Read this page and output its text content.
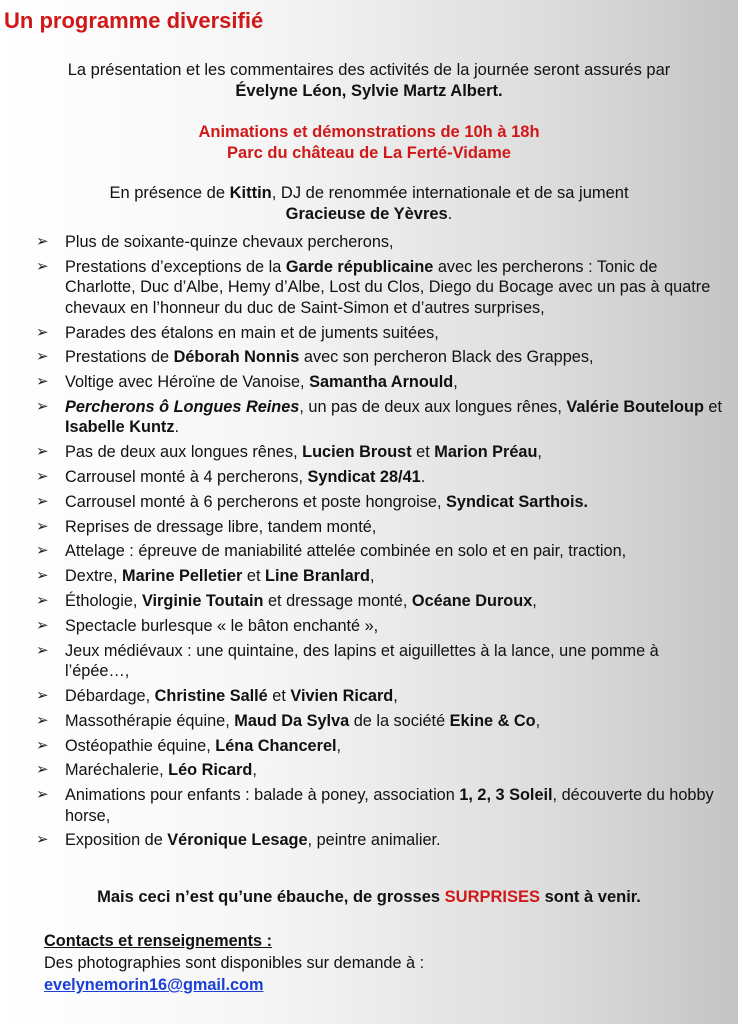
Un programme diversifié
La présentation et les commentaires des activités de la journée seront assurés par
Évelyne Léon, Sylvie Martz Albert.
Animations et démonstrations de 10h à 18h
Parc du château de La Ferté-Vidame
En présence de Kittin, DJ de renommée internationale et de sa jument
Gracieuse de Yèvres.
➢ Plus de soixante-quinze chevaux percherons,
➢ Prestations d’exceptions de la Garde républicaine avec les percherons : Tonic de Charlotte, Duc d’Albe, Hemy d’Albe, Lost du Clos, Diego du Bocage avec un pas à quatre chevaux en l’honneur du duc de Saint-Simon et d’autres surprises,
➢ Parades des étalons en main et de juments suitées,
➢ Prestations de Déborah Nonnis avec son percheron Black des Grappes,
➢ Voltige avec Héroïne de Vanoise, Samantha Arnould,
➢ Percherons ô Longues Reines, un pas de deux aux longues rênes, Valérie Bouteloup et Isabelle Kuntz.
➢ Pas de deux aux longues rênes, Lucien Broust et Marion Préau,
➢ Carrousel monté à 4 percherons, Syndicat 28/41.
➢ Carrousel monté à 6 percherons et poste hongroise, Syndicat Sarthois.
➢ Reprises de dressage libre, tandem monté,
➢ Attelage : épreuve de maniabilité attelée combinée en solo et en pair, traction,
➢ Dextre, Marine Pelletier et Line Branlard,
➢ Éthologie, Virginie Toutain et dressage monté, Océane Duroux,
➢ Spectacle burlesque « le bâton enchanté »,
➢ Jeux médiévaux : une quintaine, des lapins et aiguillettes à la lance, une pomme à l’épée…,
➢ Débardage, Christine Sallé et Vivien Ricard,
➢ Massothérapie équine, Maud Da Sylva de la société Ekine & Co,
➢ Ostéopathie équine, Léna Chancerel,
➢ Maréchalerie, Léo Ricard,
➢ Animations pour enfants : balade à poney, association 1, 2, 3 Soleil, découverte du hobby horse,
➢ Exposition de Véronique Lesage, peintre animalier.
Mais ceci n’est qu’une ébauche, de grosses SURPRISES sont à venir.
Contacts et renseignements :
Des photographies sont disponibles sur demande à :
evelynemorin16@gmail.com
